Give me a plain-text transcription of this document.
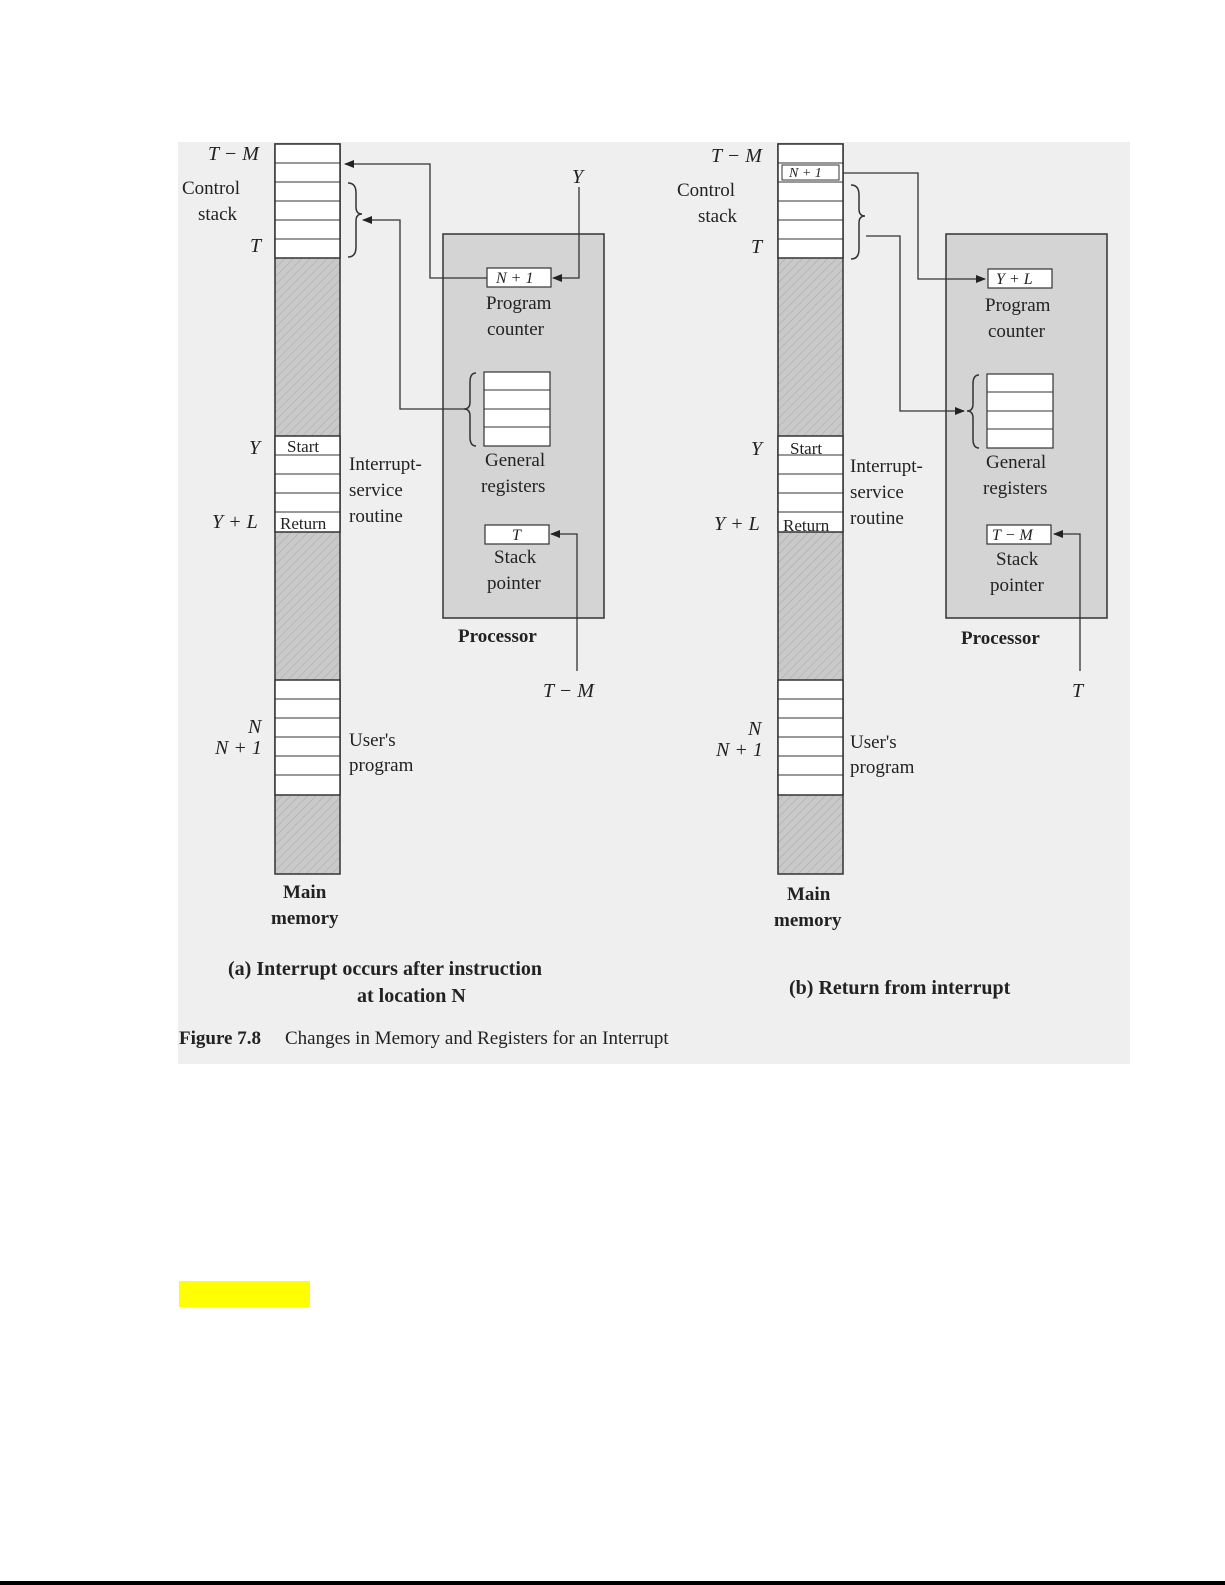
T − M
Control
stack
T
Y Start
Y + L Return
Interrupt-
service
routine
N
N + 1	User's
program
Main
memory
N + 1
Program
counter
General
registers
T
Stack
pointer
Processor
Y
T − M
(a) Interrupt occurs after instruction
at location N
N + 1
T − M
Control
stack
T
Y Start
Y + L Return
Interrupt-
service
routine
N
N + 1	User's
program
Main
memory
Y + L
Program
counter
General
registers
T − M
Stack
pointer
Processor
T
(b) Return from interrupt
Figure 7.8 Changes in Memory and Registers for an Interrupt
